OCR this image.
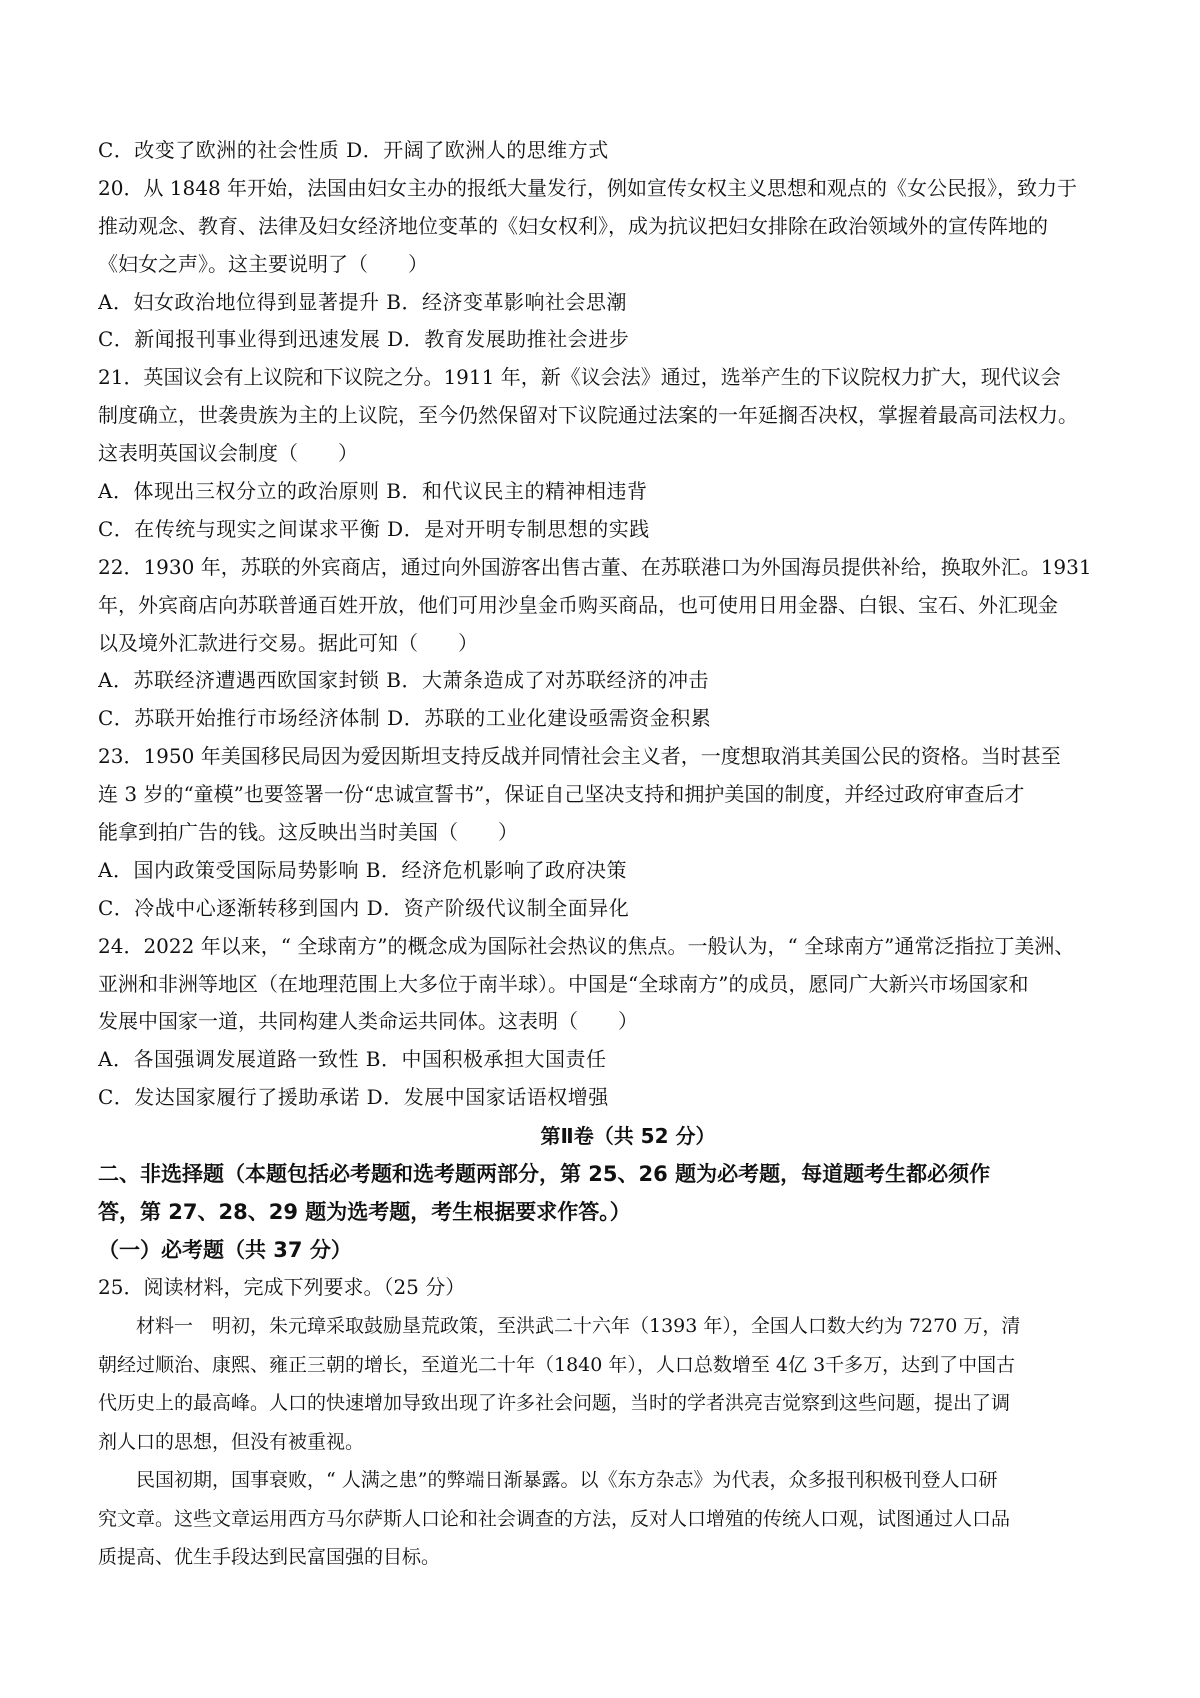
C．改变了欧洲的社会性质 D．开阔了欧洲人的思维方式
20．从 1848 年开始，法国由妇女主办的报纸大量发行，例如宣传女权主义思想和观点的《女公民报》，致力于
推动观念、教育、法律及妇女经济地位变革的《妇女权利》，成为抗议把妇女排除在政治领域外的宣传阵地的
《妇女之声》。这主要说明了（　　）
A．妇女政治地位得到显著提升 B．经济变革影响社会思潮
C．新闻报刊事业得到迅速发展 D．教育发展助推社会进步
21．英国议会有上议院和下议院之分。1911 年，新《议会法》通过，选举产生的下议院权力扩大，现代议会
制度确立，世袭贵族为主的上议院，至今仍然保留对下议院通过法案的一年延搁否决权，掌握着最高司法权力。
这表明英国议会制度（　　）
A．体现出三权分立的政治原则 B．和代议民主的精神相违背
C．在传统与现实之间谋求平衡 D．是对开明专制思想的实践
22．1930 年，苏联的外宾商店，通过向外国游客出售古董、在苏联港口为外国海员提供补给，换取外汇。1931
年，外宾商店向苏联普通百姓开放，他们可用沙皇金币购买商品，也可使用日用金器、白银、宝石、外汇现金
以及境外汇款进行交易。据此可知（　　）
A．苏联经济遭遇西欧国家封锁 B．大萧条造成了对苏联经济的冲击
C．苏联开始推行市场经济体制 D．苏联的工业化建设亟需资金积累
23．1950 年美国移民局因为爱因斯坦支持反战并同情社会主义者，一度想取消其美国公民的资格。当时甚至
连 3 岁的“童模”也要签署一份“忠诚宣誓书”，保证自己坚决支持和拥护美国的制度，并经过政府审查后才
能拿到拍广告的钱。这反映出当时美国（　　）
A．国内政策受国际局势影响 B．经济危机影响了政府决策
C．冷战中心逐渐转移到国内 D．资产阶级代议制全面异化
24．2022 年以来，“ 全球南方”的概念成为国际社会热议的焦点。一般认为，“ 全球南方”通常泛指拉丁美洲、
亚洲和非洲等地区（在地理范围上大多位于南半球）。中国是“全球南方”的成员，愿同广大新兴市场国家和
发展中国家一道，共同构建人类命运共同体。这表明（　　）
A．各国强调发展道路一致性 B．中国积极承担大国责任
C．发达国家履行了援助承诺 D．发展中国家话语权增强
第Ⅱ卷（共 52 分）
二、非选择题（本题包括必考题和选考题两部分，第 25、26 题为必考题，每道题考生都必须作
答，第 27、28、29 题为选考题，考生根据要求作答。）
（一）必考题（共 37 分）
25．阅读材料，完成下列要求。（25 分）
材料一　明初，朱元璋采取鼓励垦荒政策，至洪武二十六年（1393 年），全国人口数大约为 7270 万，清
朝经过顺治、康熙、雍正三朝的增长，至道光二十年（1840 年），人口总数增至 4亿 3千多万，达到了中国古
代历史上的最高峰。人口的快速增加导致出现了许多社会问题，当时的学者洪亮吉觉察到这些问题，提出了调
剂人口的思想，但没有被重视。
民国初期，国事衰败，“ 人满之患”的弊端日渐暴露。以《东方杂志》为代表，众多报刊积极刊登人口研
究文章。这些文章运用西方马尔萨斯人口论和社会调查的方法，反对人口增殖的传统人口观，试图通过人口品
质提高、优生手段达到民富国强的目标。
